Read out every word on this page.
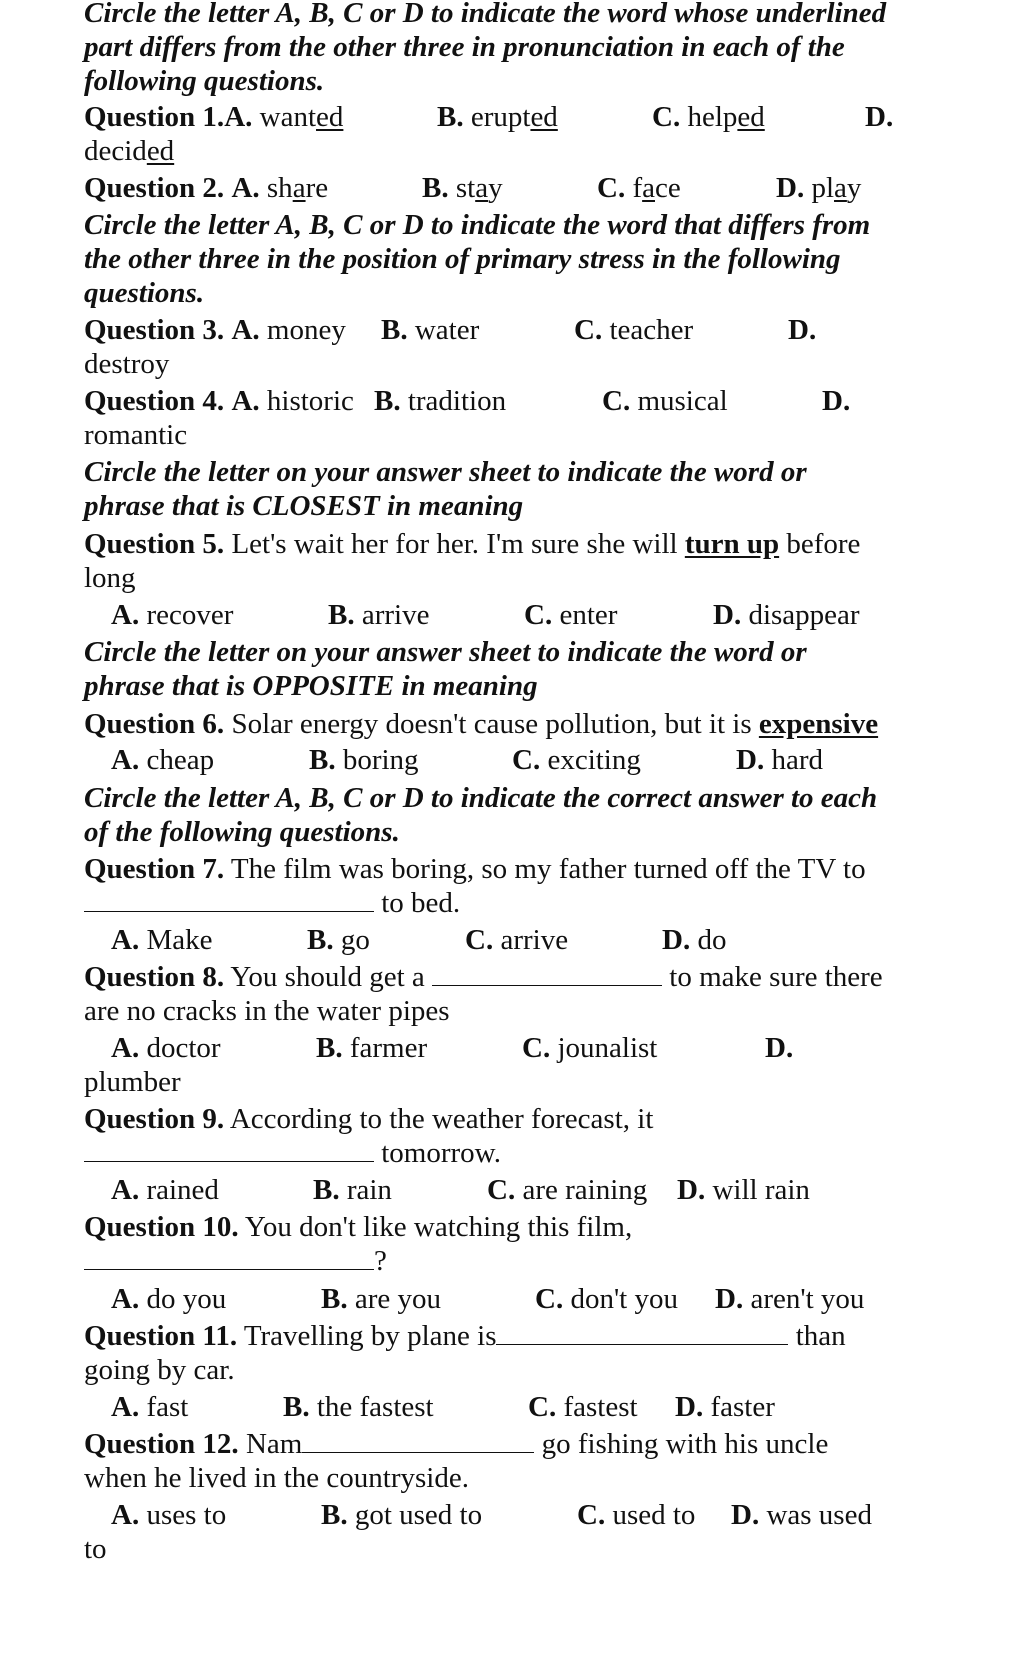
Circle the letter A, B, C or D to indicate the word whose underlined
part differs from the other three in pronunciation in each of the
following questions.
Question 1.A. wanted	B. erupted	C. helped	D.
decided
Question 2. A. share	B. stay	C. face	D. play
Circle the letter A, B, C or D to indicate the word that differs from
the other three in the position of primary stress in the following
questions.
Question 3. A. money B. water	C. teacher	D.
destroy
Question 4. A. historic B. tradition	C. musical	D.
romantic
Circle the letter on your answer sheet to indicate the word or
phrase that is CLOSEST in meaning
Question 5. Let's wait her for her. I'm sure she will turn up before
long
A. recover	B. arrive	C. enter	D. disappear
Circle the letter on your answer sheet to indicate the word or
phrase that is OPPOSITE in meaning
Question 6. Solar energy doesn't cause pollution, but it is expensive
A. cheap	B. boring	C. exciting	D. hard
Circle the letter A, B, C or D to indicate the correct answer to each
of the following questions.
Question 7. The film was boring, so my father turned off the TV to
to bed.
A. Make	B. go	C. arrive	D. do
Question 8. You should get a	to make sure there
are no cracks in the water pipes
A. doctor	B. farmer	C. jounalist	D.
plumber
Question 9. According to the weather forecast, it
tomorrow.
A. rained	B. rain	C. are raining D. will rain
Question 10. You don't like watching this film,
?
A. do you	B. are you	C. don't you D. aren't you
Question 11. Travelling by plane is	than
going by car.
A. fast	B. the fastest	C. fastest D. faster
Question 12. Nam	go fishing with his uncle
when he lived in the countryside.
A. uses to	B. got used to	C. used to D. was used
to
